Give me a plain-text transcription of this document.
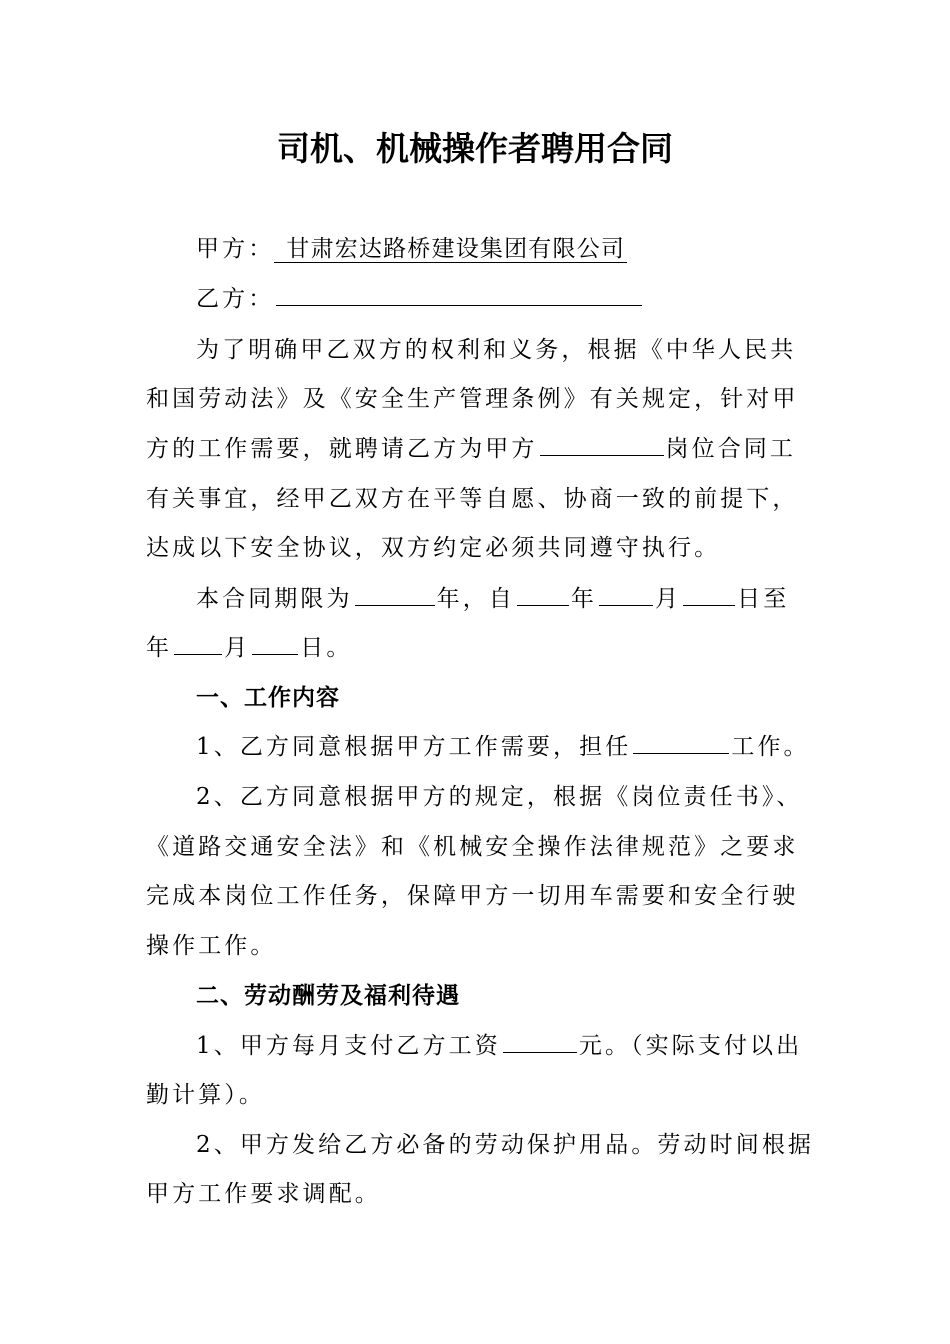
司机、机械操作者聘用合同
甲方： 甘肃宏达路桥建设集团有限公司
乙方：
为了明确甲乙双方的权利和义务，根据《中华人民共
和国劳动法》及《安全生产管理条例》有关规定，针对甲
方的工作需要，就聘请乙方为甲方	岗位合同工
有关事宜，经甲乙双方在平等自愿、协商一致的前提下，
达成以下安全协议，双方约定必须共同遵守执行。
本合同期限为	年，自 年	月 日至
年 月 日。
一、工作内容
1、乙方同意根据甲方工作需要，担任	工作。
2、乙方同意根据甲方的规定，根据《岗位责任书》、
《道路交通安全法》和《机械安全操作法律规范》之要求
完成本岗位工作任务，保障甲方一切用车需要和安全行驶
操作工作。
二、劳动酬劳及福利待遇
1、甲方每月支付乙方工资	元。（实际支付以出
勤计算）。
2、甲方发给乙方必备的劳动保护用品。劳动时间根据
甲方工作要求调配。
